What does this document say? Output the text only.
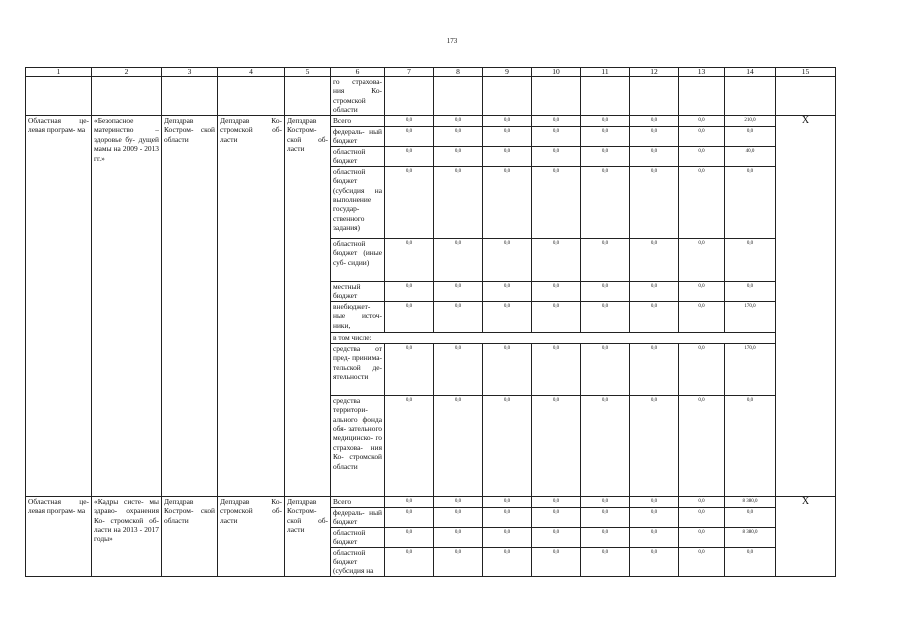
173
1	2	3	4	5	6	7	8	9	10	11	12	13	14	15
					го страхова- ния Ко- стромской области									
Областная це- левая програм- ма	«Безопасное материнство – здоровье бу- дущей мамы на 2009 - 2013 гг.»	Депздрав Костром- ской области	Депздрав Ко- стромской об- ласти	Депздрав Костром- ской об- ласти	Всего	0,0	0,0	0,0	0,0	0,0	0,0	0,0	210,0	Х
					федераль- ный бюджет	0,0	0,0	0,0	0,0	0,0	0,0	0,0	0,0	
					областной бюджет	0,0	0,0	0,0	0,0	0,0	0,0	0,0	40,0	
					областной бюджет (субсидия на выполнение государ- ственного задания)	0,0	0,0	0,0	0,0	0,0	0,0	0,0	0,0	
					областной бюджет (иные суб- сидии)	0,0	0,0	0,0	0,0	0,0	0,0	0,0	0,0	
					местный бюджет	0,0	0,0	0,0	0,0	0,0	0,0	0,0	0,0	
					внебюджет- ные источ- ники,	0,0	0,0	0,0	0,0	0,0	0,0	0,0	170,0	
					в том числе:									
					средства от пред- принима- тельской де- ятельности	0,0	0,0	0,0	0,0	0,0	0,0	0,0	170,0	
					средства территори- ального фонда обя- зательного медицинско- го страхова- ния Ко- стромской области	0,0	0,0	0,0	0,0	0,0	0,0	0,0	0,0	
Областная це- левая програм- ма	«Кадры систе- мы здраво- охранения Ко- стромской об- ласти на 2013 - 2017 годы»	Депздрав Костром- ской области	Депздрав Ко- стромской об- ласти	Депздрав Костром- ской об- ласти	Всего	0,0	0,0	0,0	0,0	0,0	0,0	0,0	8 380,0	Х
					федераль- ный бюджет	0,0	0,0	0,0	0,0	0,0	0,0	0,0	0,0	
					областной бюджет	0,0	0,0	0,0	0,0	0,0	0,0	0,0	8 380,0	
					областной бюджет (субсидия на	0,0	0,0	0,0	0,0	0,0	0,0	0,0	0,0	
